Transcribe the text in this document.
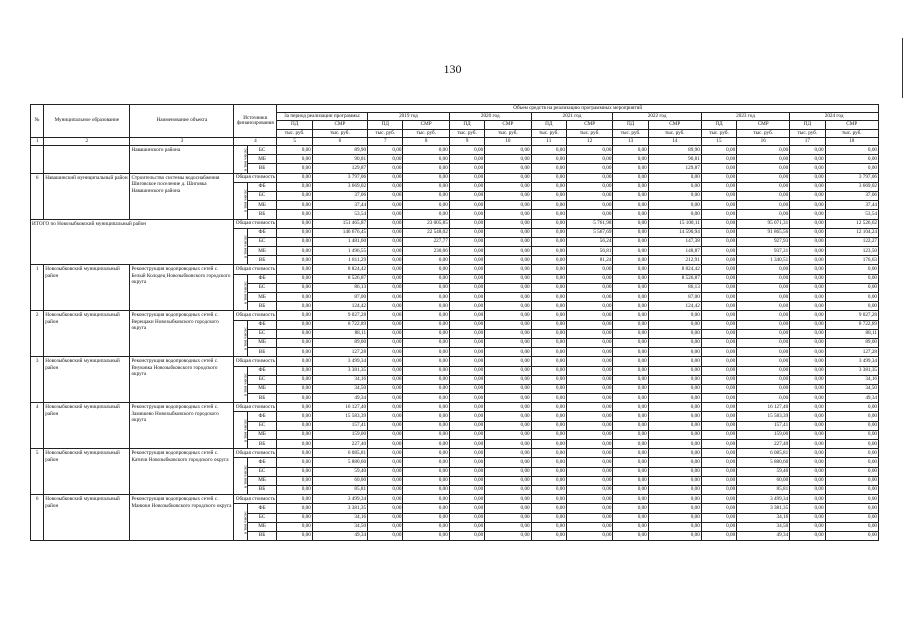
130
№	Муниципальное образование	Наименование объекта	Источники финансирования		Объем средств на реализацию программных мероприятий													
					За период реализации программы:		2019 год		2020 год		2021 год		2022 год		2023 год		2024 год	
					ПД	СМР	ПД	СМР	ПД	СМР	ПД	СМР	ПД	СМР	ПД	СМР	ПД	СМР
					тыс. руб.	тыс. руб.	тыс. руб.	тыс. руб.	тыс. руб.	тыс. руб.	тыс. руб.	тыс. руб.	тыс. руб.	тыс. руб.	тыс. руб.	тыс. руб.	тыс. руб.	тыс. руб.
1	2	3	4		5	6	7	8	9	10	11	12	13	14	15	16	17	18
		Навашинского района	в том числе:	БС	0,00	89,90	0,00	0,00	0,00	0,00	0,00	0,00	0,00	89,90	0,00	0,00	0,00	0,00
				МБ	0,00	90,81	0,00	0,00	0,00	0,00	0,00	0,00	0,00	90,81	0,00	0,00	0,00	0,00
				ВБ	0,00	129,87	0,00	0,00	0,00	0,00	0,00	0,00	0,00	129,87	0,00	0,00	0,00	0,00
6	Навашинский муниципальный район	Строительство системы водоснабжения Шиговское поселение д. Шиговка Навашинского района	Общая стоимость		0,00	3 797,06	0,00	0,00	0,00	0,00	0,00	0,00	0,00	0,00	0,00	0,00	0,00	3 797,06
			в том числе:	ФБ	0,00	3 669,02	0,00	0,00	0,00	0,00	0,00	0,00	0,00	0,00	0,00	0,00	0,00	3 669,02
				БС	0,00	37,06	0,00	0,00	0,00	0,00	0,00	0,00	0,00	0,00	0,00	0,00	0,00	37,06
				МБ	0,00	37,44	0,00	0,00	0,00	0,00	0,00	0,00	0,00	0,00	0,00	0,00	0,00	37,44
				ВБ	0,00	53,54	0,00	0,00	0,00	0,00	0,00	0,00	0,00	0,00	0,00	0,00	0,00	53,54
ИТОГО по Новозыбковский муниципальный район			Общая стоимость		0,00	151 465,87	0,00	23 005,85	0,00	0,00	0,00	5 761,98	0,00	15 100,11	0,00	95 071,31	0,00	12 526,62
			в том числе:	ФБ	0,00	146 676,45	0,00	22 548,02	0,00	0,00	0,00	5 567,69	0,00	14 590,94	0,00	91 865,56	0,00	12 104,24
				БС	0,00	1 481,60	0,00	227,77	0,00	0,00	0,00	56,24	0,00	147,38	0,00	927,93	0,00	122,27
				МБ	0,00	1 496,55	0,00	230,06	0,00	0,00	0,00	56,81	0,00	148,87	0,00	937,31	0,00	123,50
				ВБ	0,00	1 811,29	0,00	0,00	0,00	0,00	0,00	81,24	0,00	212,91	0,00	1 340,51	0,00	176,63
1	Новозыбковский муниципальный район	Реконструкция водопроводных сетей с. Белый Колодец Новозыбковского городского округа	Общая стоимость		0,00	8 824,42	0,00	0,00	0,00	0,00	0,00	0,00	0,00	8 824,42	0,00	0,00	0,00	0,00
			в том числе:	ФБ	0,00	8 526,87	0,00	0,00	0,00	0,00	0,00	0,00	0,00	8 526,87	0,00	0,00	0,00	0,00
				БС	0,00	86,13	0,00	0,00	0,00	0,00	0,00	0,00	0,00	86,13	0,00	0,00	0,00	0,00
				МБ	0,00	87,00	0,00	0,00	0,00	0,00	0,00	0,00	0,00	87,00	0,00	0,00	0,00	0,00
				ВБ	0,00	124,42	0,00	0,00	0,00	0,00	0,00	0,00	0,00	124,42	0,00	0,00	0,00	0,00
2	Новозыбковский муниципальный район	Реконструкция водопроводных сетей с. Верещаки Новозыбковского городского округа	Общая стоимость		0,00	9 027,28	0,00	0,00	0,00	0,00	0,00	0,00	0,00	0,00	0,00	0,00	0,00	9 027,28
			в том числе:	ФБ	0,00	8 722,89	0,00	0,00	0,00	0,00	0,00	0,00	0,00	0,00	0,00	0,00	0,00	8 722,89
				БС	0,00	88,11	0,00	0,00	0,00	0,00	0,00	0,00	0,00	0,00	0,00	0,00	0,00	88,11
				МБ	0,00	89,00	0,00	0,00	0,00	0,00	0,00	0,00	0,00	0,00	0,00	0,00	0,00	89,00
				ВБ	0,00	127,28	0,00	0,00	0,00	0,00	0,00	0,00	0,00	0,00	0,00	0,00	0,00	127,28
3	Новозыбковский муниципальный район	Реконструкция водопроводных сетей с. Внуковка Новозыбковского городского округа	Общая стоимость		0,00	3 499,34	0,00	0,00	0,00	0,00	0,00	0,00	0,00	0,00	0,00	0,00	0,00	3 499,34
			в том числе:	ФБ	0,00	3 381,35	0,00	0,00	0,00	0,00	0,00	0,00	0,00	0,00	0,00	0,00	0,00	3 381,35
				БС	0,00	34,16	0,00	0,00	0,00	0,00	0,00	0,00	0,00	0,00	0,00	0,00	0,00	34,16
				МБ	0,00	34,50	0,00	0,00	0,00	0,00	0,00	0,00	0,00	0,00	0,00	0,00	0,00	34,50
				ВБ	0,00	49,34	0,00	0,00	0,00	0,00	0,00	0,00	0,00	0,00	0,00	0,00	0,00	49,34
4	Новозыбковский муниципальный район	Реконструкция водопроводных сетей с. Замишево Новозыбковского городского округа	Общая стоимость		0,00	16 127,40	0,00	0,00	0,00	0,00	0,00	0,00	0,00	0,00	0,00	16 127,40	0,00	0,00
			в том числе:	ФБ	0,00	15 583,39	0,00	0,00	0,00	0,00	0,00	0,00	0,00	0,00	0,00	15 583,39	0,00	0,00
				БС	0,00	157,41	0,00	0,00	0,00	0,00	0,00	0,00	0,00	0,00	0,00	157,41	0,00	0,00
				МБ	0,00	159,00	0,00	0,00	0,00	0,00	0,00	0,00	0,00	0,00	0,00	159,00	0,00	0,00
				ВБ	0,00	227,40	0,00	0,00	0,00	0,00	0,00	0,00	0,00	0,00	0,00	227,40	0,00	0,00
5	Новозыбковский муниципальный район	Реконструкция водопроводных сетей с. Катичи Новозыбковского городского округа	Общая стоимость		0,00	6 085,81	0,00	0,00	0,00	0,00	0,00	0,00	0,00	0,00	0,00	6 085,81	0,00	0,00
			в том числе:	ФБ	0,00	5 880,60	0,00	0,00	0,00	0,00	0,00	0,00	0,00	0,00	0,00	5 880,60	0,00	0,00
				БС	0,00	59,40	0,00	0,00	0,00	0,00	0,00	0,00	0,00	0,00	0,00	59,40	0,00	0,00
				МБ	0,00	60,00	0,00	0,00	0,00	0,00	0,00	0,00	0,00	0,00	0,00	60,00	0,00	0,00
				ВБ	0,00	85,81	0,00	0,00	0,00	0,00	0,00	0,00	0,00	0,00	0,00	85,81	0,00	0,00
6	Новозыбковский муниципальный район	Реконструкция водопроводных сетей с. Манюки Новозыбковского городского округа	Общая стоимость		0,00	3 499,34	0,00	0,00	0,00	0,00	0,00	0,00	0,00	0,00	0,00	3 499,34	0,00	0,00
			в том числе:	ФБ	0,00	3 381,35	0,00	0,00	0,00	0,00	0,00	0,00	0,00	0,00	0,00	3 381,35	0,00	0,00
				БС	0,00	34,16	0,00	0,00	0,00	0,00	0,00	0,00	0,00	0,00	0,00	34,16	0,00	0,00
				МБ	0,00	34,50	0,00	0,00	0,00	0,00	0,00	0,00	0,00	0,00	0,00	34,50	0,00	0,00
				ВБ	0,00	49,34	0,00	0,00	0,00	0,00	0,00	0,00	0,00	0,00	0,00	49,34	0,00	0,00
